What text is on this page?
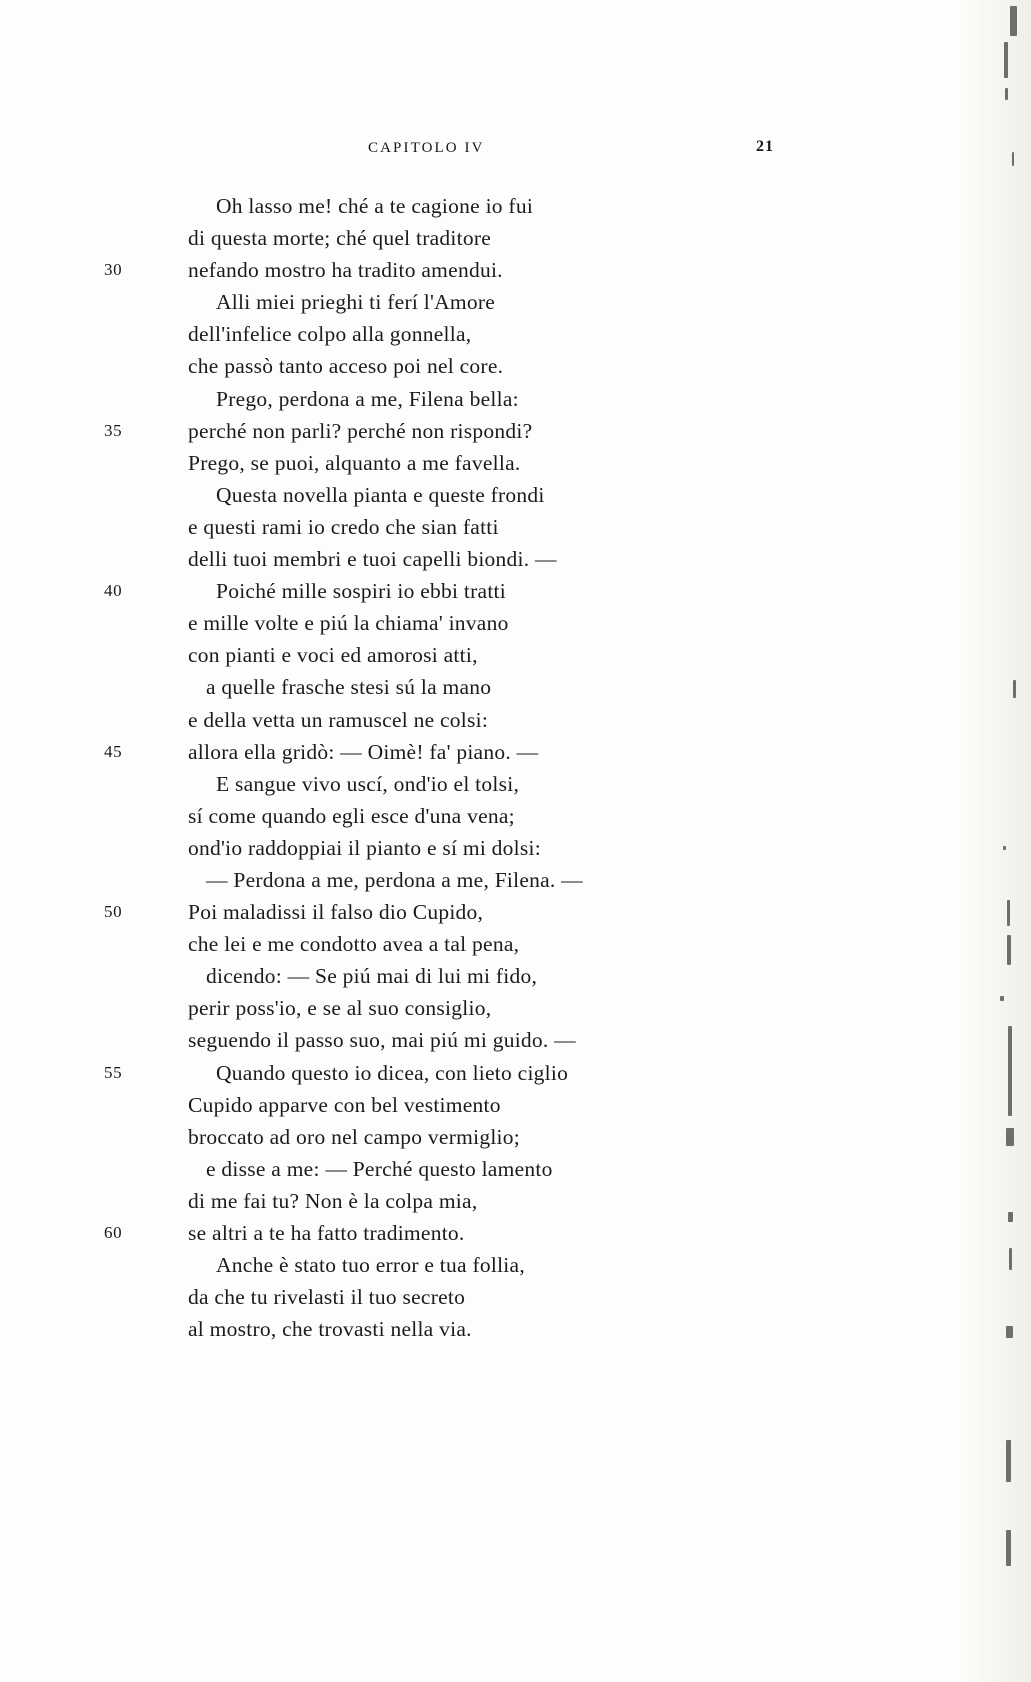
CAPITOLO IV	21
Oh lasso me! ché a te cagione io fui
di questa morte; ché quel traditore
30	nefando mostro ha tradito amendui.
Alli miei prieghi ti ferí l'Amore
dell'infelice colpo alla gonnella,
che passò tanto acceso poi nel core.
Prego, perdona a me, Filena bella:
35	perché non parli? perché non rispondi?
Prego, se puoi, alquanto a me favella.
Questa novella pianta e queste frondi
e questi rami io credo che sian fatti
delli tuoi membri e tuoi capelli biondi. —
40	Poiché mille sospiri io ebbi tratti
e mille volte e piú la chiama' invano
con pianti e voci ed amorosi atti,
a quelle frasche stesi sú la mano
e della vetta un ramuscel ne colsi:
45	allora ella gridò: — Oimè! fa' piano. —
E sangue vivo uscí, ond'io el tolsi,
sí come quando egli esce d'una vena;
ond'io raddoppiai il pianto e sí mi dolsi:
— Perdona a me, perdona a me, Filena. —
50	Poi maladissi il falso dio Cupido,
che lei e me condotto avea a tal pena,
dicendo: — Se piú mai di lui mi fido,
perir poss'io, e se al suo consiglio,
seguendo il passo suo, mai piú mi guido. —
55	Quando questo io dicea, con lieto ciglio
Cupido apparve con bel vestimento
broccato ad oro nel campo vermiglio;
e disse a me: — Perché questo lamento
di me fai tu? Non è la colpa mia,
60	se altri a te ha fatto tradimento.
Anche è stato tuo error e tua follia,
da che tu rivelasti il tuo secreto
al mostro, che trovasti nella via.
